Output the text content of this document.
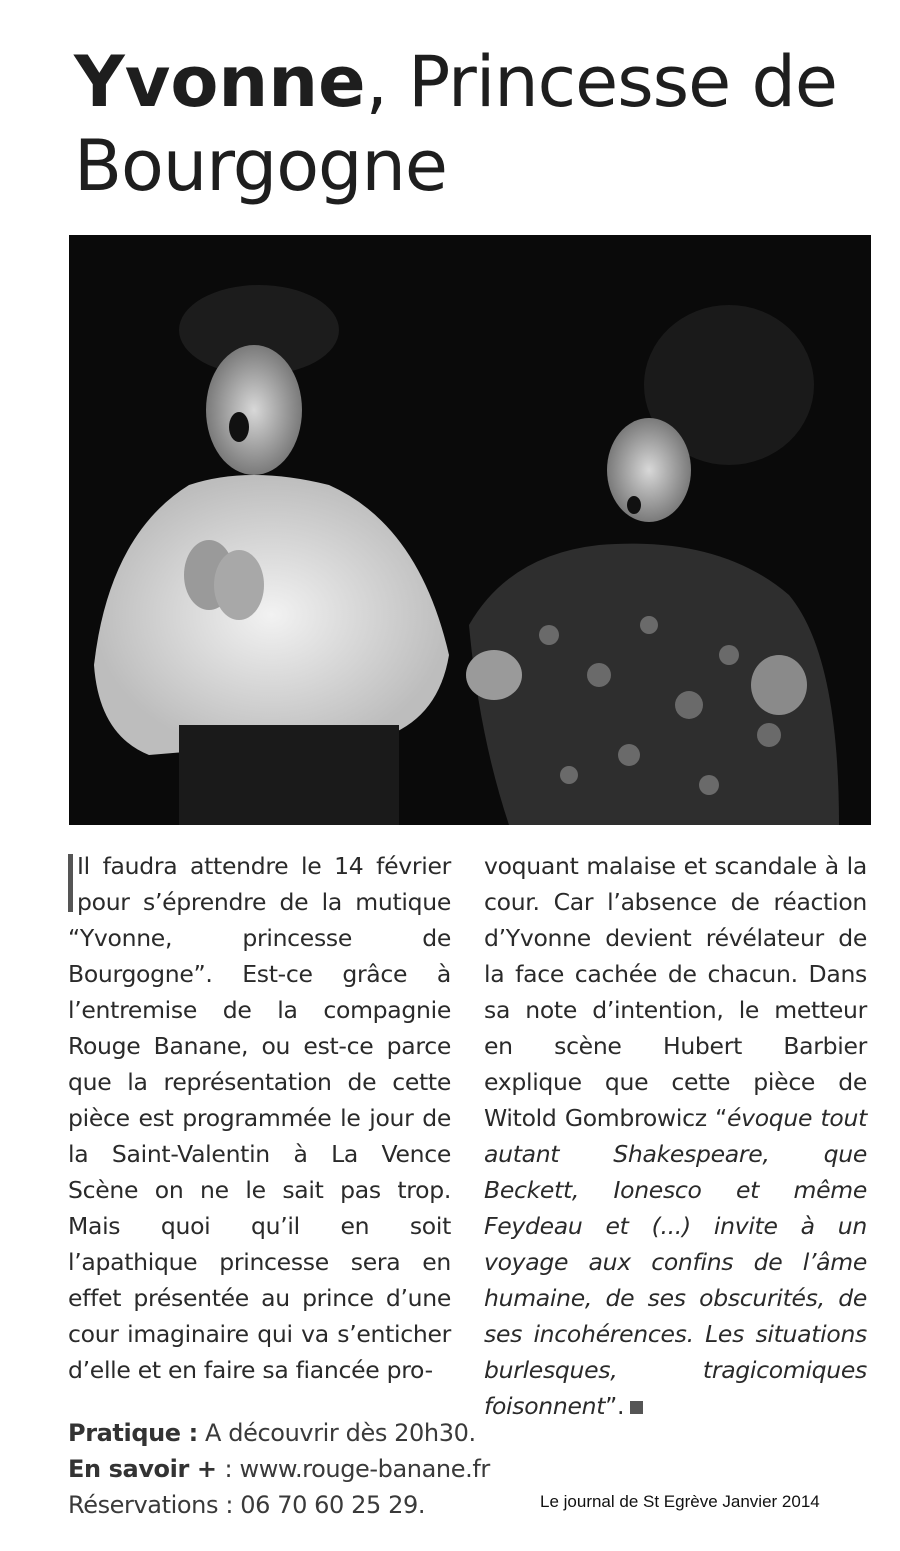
Yvonne, Princesse de
Bourgogne

Il faudra attendre le 14 février pour s’éprendre de la mutique “Yvonne, princesse de Bourgogne”. Est-ce grâce à l’entremise de la compagnie Rouge Banane, ou est-ce parce que la représentation de cette pièce est programmée le jour de la Saint-Valentin à La Vence Scène on ne le sait pas trop. Mais quoi qu’il en soit l’apathique princesse sera en effet présentée au prince d’une cour imaginaire qui va s’enticher d’elle et en faire sa fiancée pro-

voquant malaise et scandale à la cour. Car l’absence de réaction d’Yvonne devient révélateur de la face cachée de chacun. Dans sa note d’intention, le metteur en scène Hubert Barbier explique que cette pièce de Witold Gombrowicz “évoque tout autant Shakespeare, que Beckett, Ionesco et même Feydeau et (...) invite à un voyage aux confins de l’âme humaine, de ses obscurités, de ses incohérences. Les situations burlesques, tragicomiques foisonnent”.

Pratique : A découvrir dès 20h30.
En savoir + : www.rouge-banane.fr
Réservations : 06 70 60 25 29.	Le journal de St Egrève Janvier 2014
